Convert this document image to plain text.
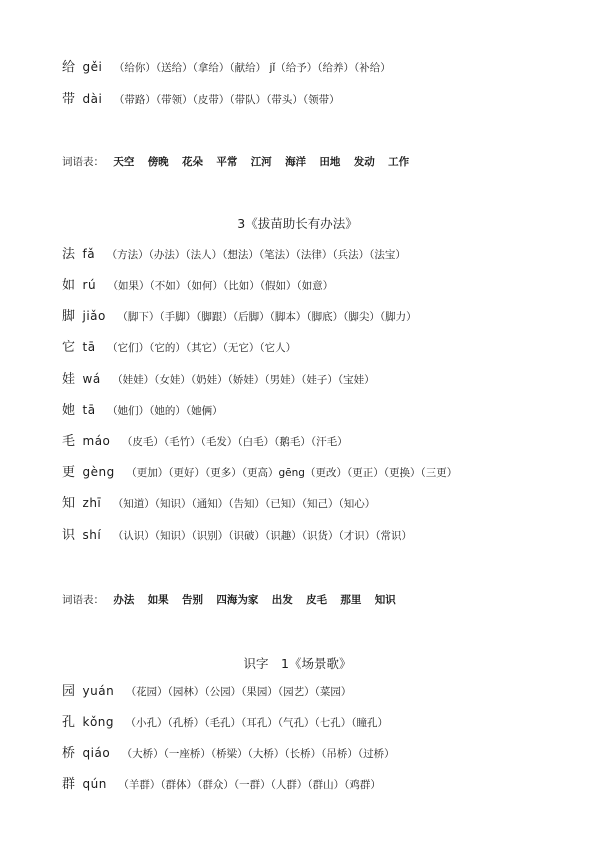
给 gěi （给你）（送给）（拿给）（献给） jǐ（给予）（给养）（补给）
带 dài （带路）（带领）（皮带）（带队）（带头）（领带）
词语表： 天空 傍晚 花朵 平常 江河 海洋 田地 发动 工作
3《拔苗助长有办法》
法 fǎ （方法）（办法）（法人）（想法）（笔法）（法律）（兵法）（法宝）
如 rú （如果）（不如）（如何）（比如）（假如）（如意）
脚 jiǎo （脚下）（手脚）（脚跟）（后脚）（脚本）（脚底）（脚尖）（脚力）
它 tā （它们）（它的）（其它）（无它）（它人）
娃 wá （娃娃）（女娃）（奶娃）（娇娃）（男娃）（娃子）（宝娃）
她 tā （她们）（她的）（她俩）
毛 máo （皮毛）（毛竹）（毛发）（白毛）（鹅毛）（汗毛）
更 gèng （更加）（更好）（更多）（更高）gēng（更改）（更正）（更换）（三更）
知 zhī （知道）（知识）（通知）（告知）（已知）（知己）（知心）
识 shí （认识）（知识）（识别）（识破）（识趣）（识货）（才识）（常识）
词语表： 办法 如果 告别 四海为家 出发 皮毛 那里 知识
识字　1《场景歌》
园 yuán （花园）（园林）（公园）（果园）（园艺）（菜园）
孔 kǒng （小孔）（孔桥）（毛孔）（耳孔）（气孔）（七孔）（瞳孔）
桥 qiáo （大桥）（一座桥）（桥梁）（大桥）（长桥）（吊桥）（过桥）
群 qún （羊群）（群体）（群众）（一群）（人群）（群山）（鸡群）
